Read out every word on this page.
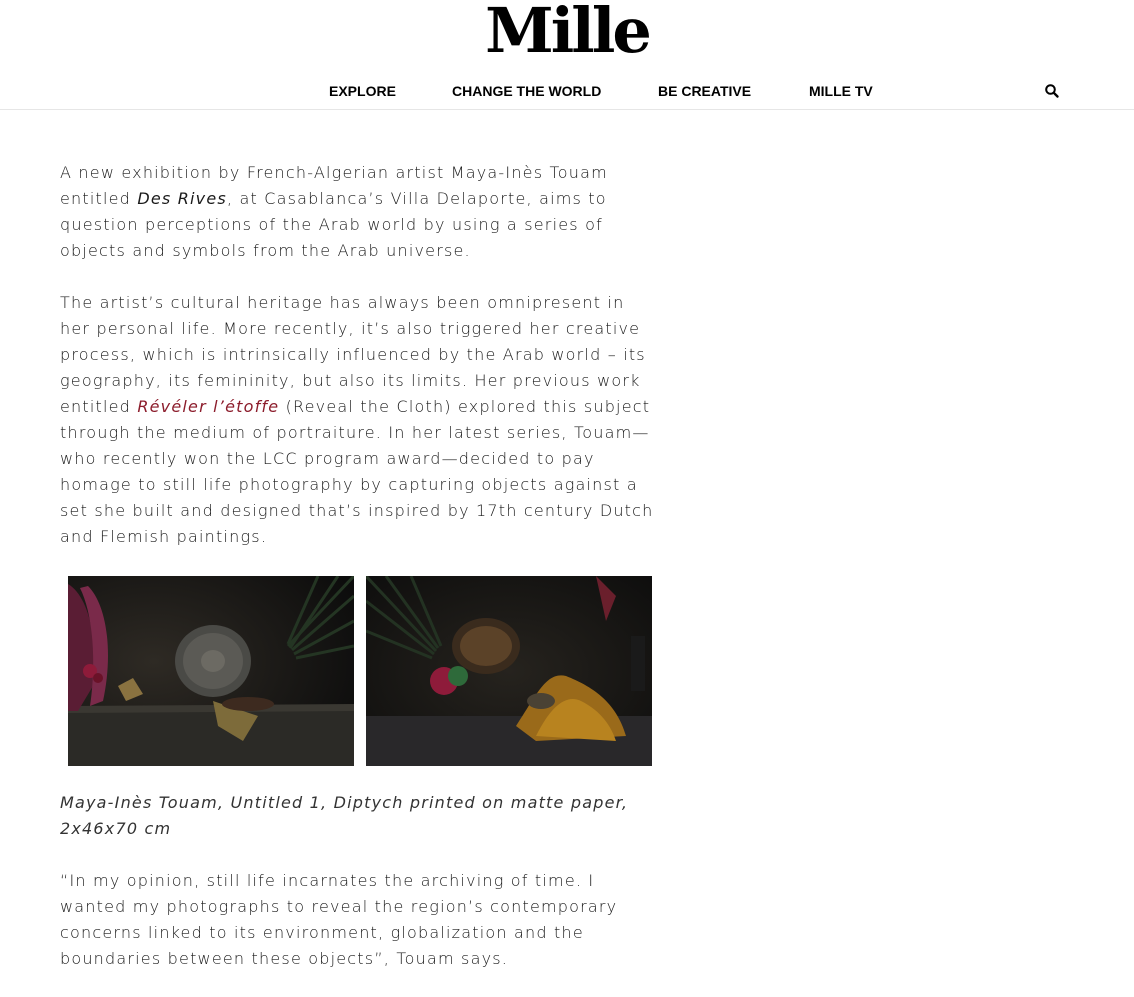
Mille
EXPLORE	CHANGE THE WORLD	BE CREATIVE	MILLE TV

A new exhibition by French-Algerian artist Maya-Inès Touam entitled Des Rives, at Casablanca’s Villa Delaporte, aims to question perceptions of the Arab world by using a series of objects and symbols from the Arab universe.

The artist’s cultural heritage has always been omnipresent in her personal life. More recently, it’s also triggered her creative process, which is intrinsically influenced by the Arab world – its geography, its femininity, but also its limits. Her previous work entitled Révéler l’étoffe (Reveal the Cloth) explored this subject through the medium of portraiture. In her latest series, Touam—who recently won the LCC program award—decided to pay homage to still life photography by capturing objects against a set she built and designed that’s inspired by 17th century Dutch and Flemish paintings.

Maya-Inès Touam, Untitled 1, Diptych printed on matte paper, 2x46x70 cm

“In my opinion, still life incarnates the archiving of time. I wanted my photographs to reveal the region’s contemporary concerns linked to its environment, globalization and the boundaries between these objects”, Touam says.
